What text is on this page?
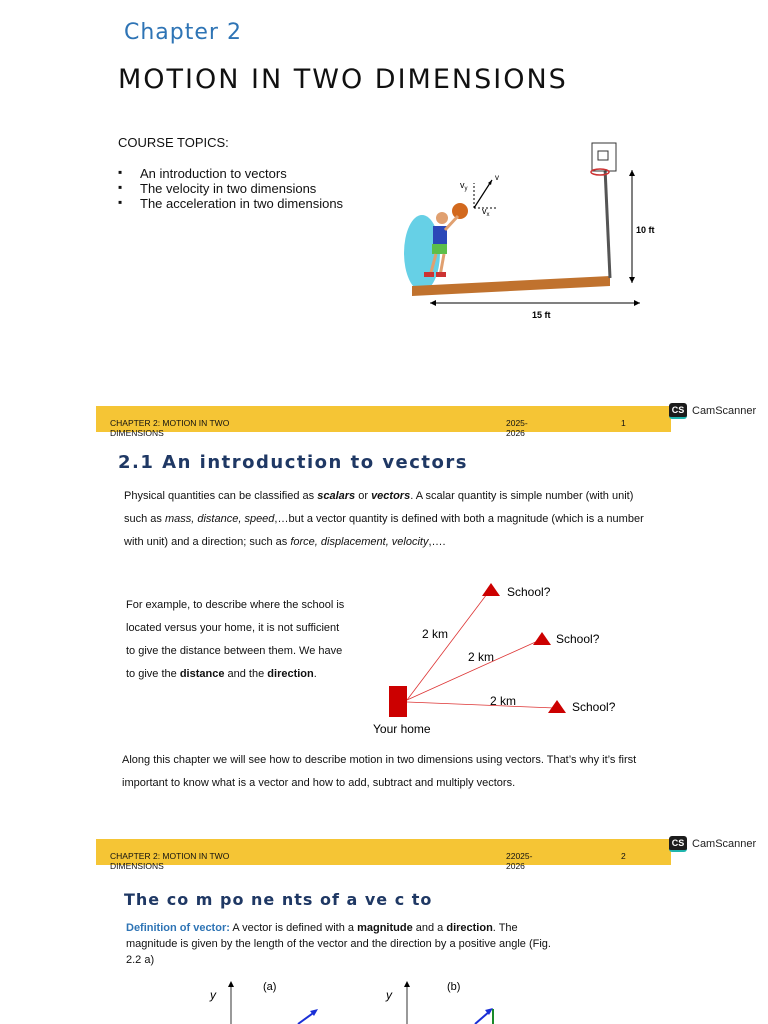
Chapter 2
MOTION IN TWO DIMENSIONS
COURSE TOPICS:
▪ An introduction to vectors
▪ The velocity in two dimensions
▪ The acceleration in two dimensions
$v_y$
v
$v_x$
10 ft
15 ft
CHAPTER 2: MOTION IN TWO DIMENSIONS
2025-2026
1
CS CamScanner
2.1 An introduction to vectors
Physical quantities can be classified as scalars or vectors. A scalar quantity is simple number (with unit) such as mass, distance, speed,…but a vector quantity is defined with both a magnitude (which is a number with unit) and a direction; such as force, displacement, velocity,….
For example, to describe where the school is located versus your home, it is not sufficient to give the distance between them. We have to give the distance and the direction.
School?
School?
School?
2 km
2 km
2 km
Your home
Along this chapter we will see how to describe motion in two dimensions using vectors. That’s why it’s first important to know what is a vector and how to add, subtract and multiply vectors.
CHAPTER 2: MOTION IN TWO DIMENSIONS
22025-2026
2
CS CamScanner
The co m po ne nts of a ve c to
Definition of vector: A vector is defined with a magnitude and a direction. The magnitude is given by the length of the vector and the direction by a positive angle (Fig. 2.2 a)
y
(a)
y
(b)
